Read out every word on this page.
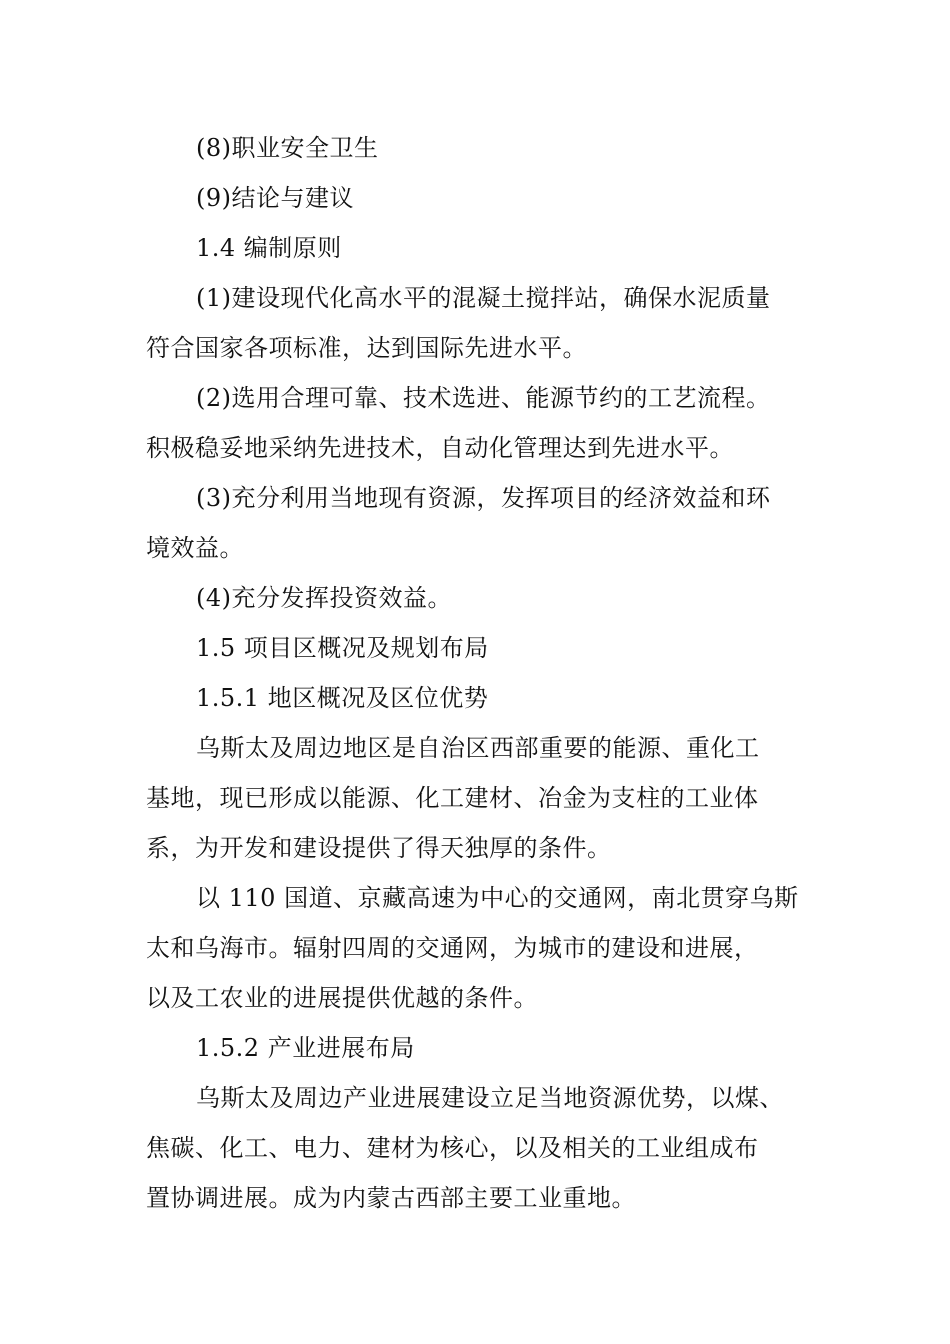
(8)职业安全卫生
(9)结论与建议
1.4 编制原则
(1)建设现代化高水平的混凝土搅拌站，确保水泥质量
符合国家各项标准，达到国际先进水平。
(2)选用合理可靠、技术选进、能源节约的工艺流程。
积极稳妥地采纳先进技术，自动化管理达到先进水平。
(3)充分利用当地现有资源，发挥项目的经济效益和环
境效益。
(4)充分发挥投资效益。
1.5 项目区概况及规划布局
1.5.1 地区概况及区位优势
乌斯太及周边地区是自治区西部重要的能源、重化工
基地，现已形成以能源、化工建材、冶金为支柱的工业体
系，为开发和建设提供了得天独厚的条件。
以 110 国道、京藏高速为中心的交通网，南北贯穿乌斯
太和乌海市。辐射四周的交通网，为城市的建设和进展，
以及工农业的进展提供优越的条件。
1.5.2 产业进展布局
乌斯太及周边产业进展建设立足当地资源优势，以煤、
焦碳、化工、电力、建材为核心，以及相关的工业组成布
置协调进展。成为内蒙古西部主要工业重地。
